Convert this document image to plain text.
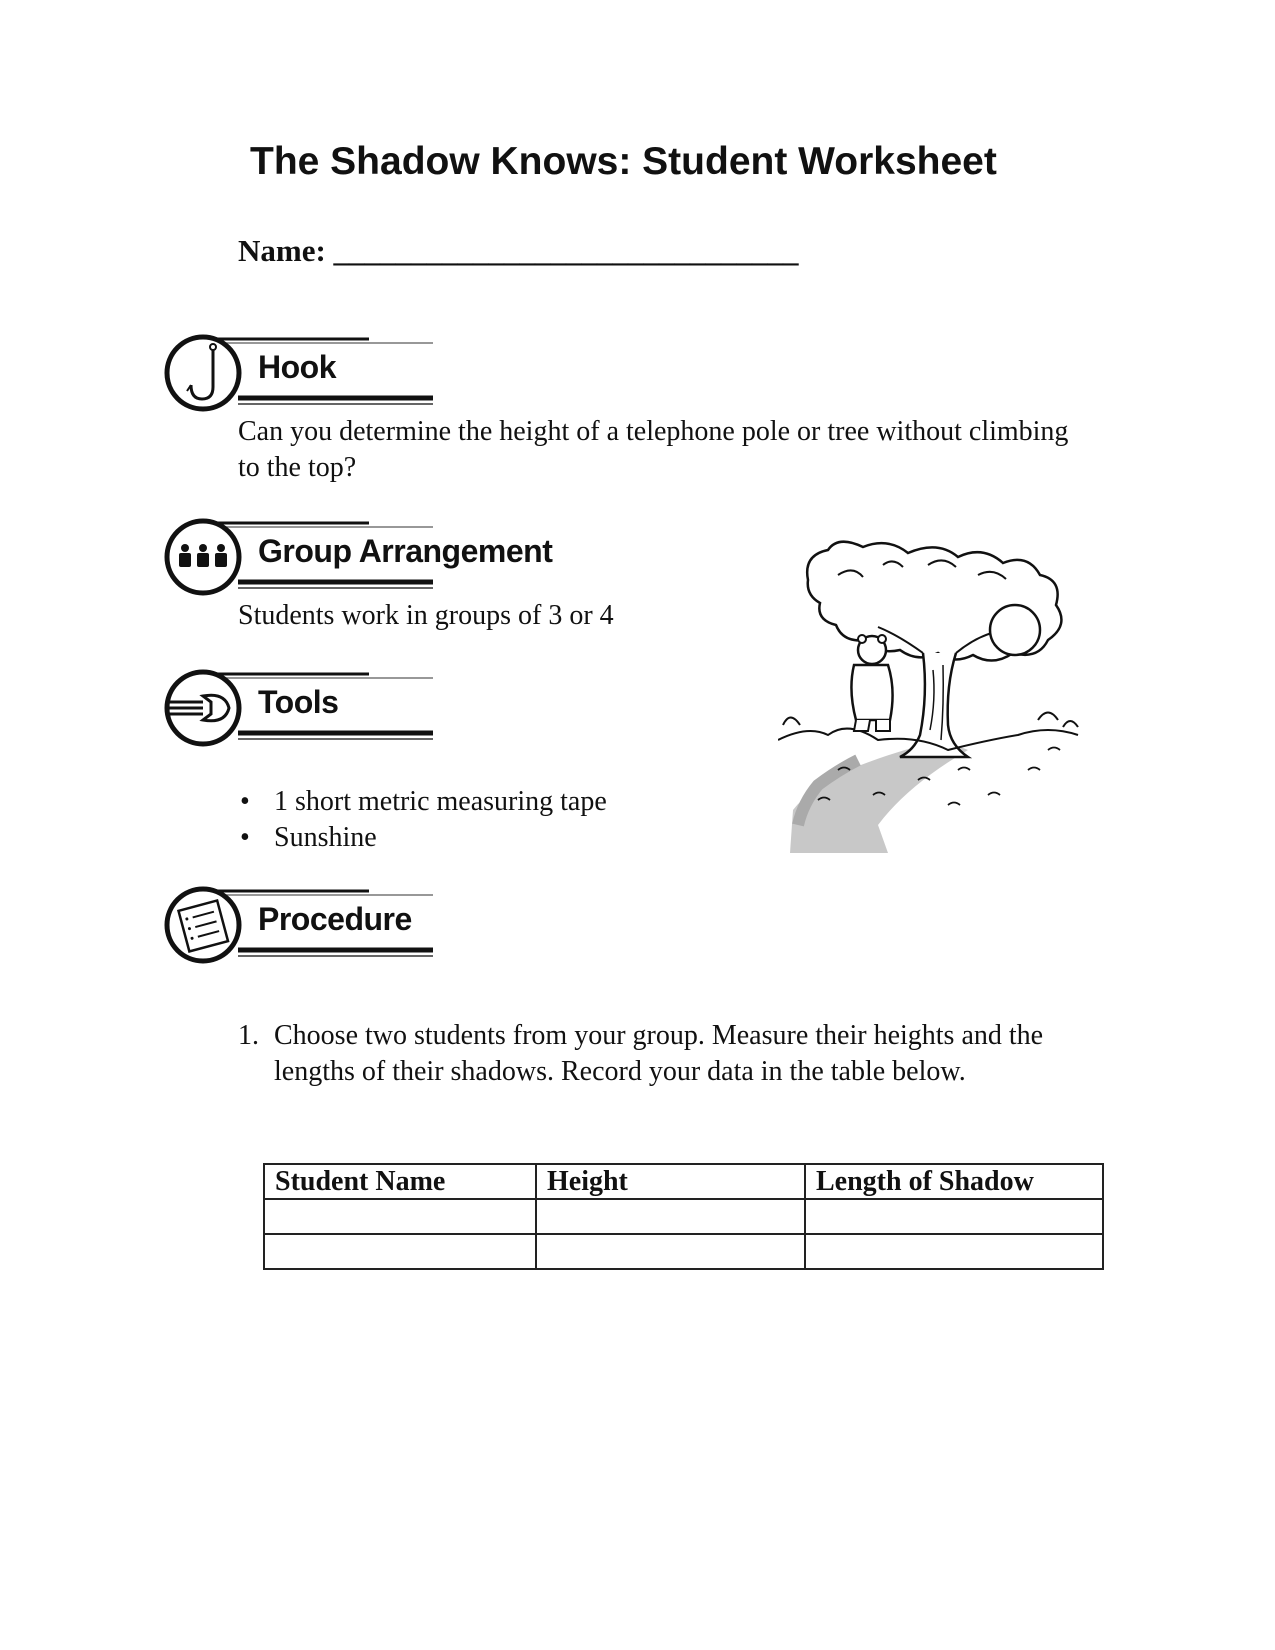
The Shadow Knows: Student Worksheet
Name: ______________________________
Hook
Can you determine the height of a telephone pole or tree without climbing to the top?
Group Arrangement
Students work in groups of 3 or 4
Tools
• 1 short metric measuring tape
• Sunshine
Procedure
1. Choose two students from your group. Measure their heights and the lengths of their shadows. Record your data in the table below.
Student Name	Height	Length of Shadow
